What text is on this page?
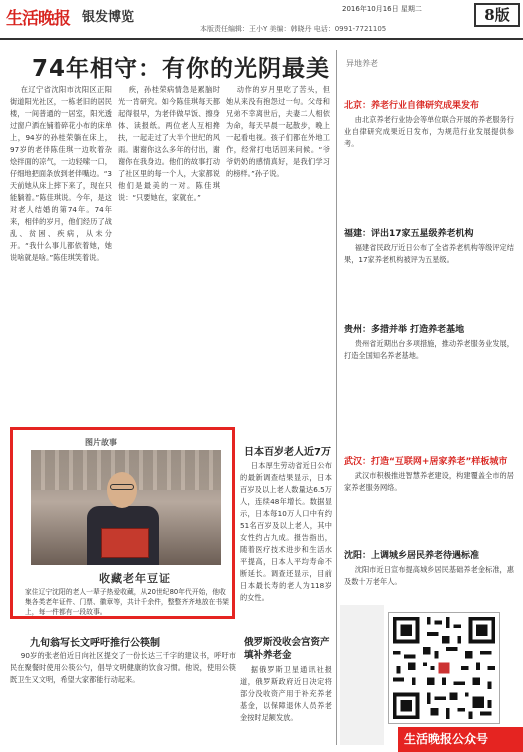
生活晚报 银发博览
2016年10月16日 星期二
本版责任编辑：王小Y 美编：韩晓丹 电话：0991-7721105
8版
74年相守：有你的光阴最美

在辽宁省沈阳市沈阳区正阳街道阳光社区，一栋老旧的居民楼，一间普通的一居室，阳光透过窗户洒在铺着碎花小布的床单上，94岁的孙桂荣躺在床上，97岁的老伴陈佳琪一边吹着杂烩拌面的凉气，一边轻嗦一口，仔细地把面条放到老伴嘴边。“3天前她从床上摔下来了，现在只能躺着。”陈佳琪说。今年，是这对老人结婚的第74年。74年来，相伴的岁月，他们经历了战乱、贫困、疾病，从未分开。“我什么事儿都依着她，她说啥就是啥。”陈佳琪笑着说。

疾，孙桂荣病情急是累脑时光一肯研究。如今陈佳琪每天都起得很早，为老伴做早饭、擦身体、读报纸。两位老人互相搀扶，一起走过了大半个世纪的风雨。谢谢你这么多年的付出，谢谢你在我身边。他们的故事打动了社区里的每一个人，大家都说他们是最美的一对。陈佳琪说：“只要她在，家就在。”

动作的岁月里吃了苦头，但她从来没有抱怨过一句。父母和兄弟不幸离世后，夫妻二人相依为命，每天早晨一起散步，晚上一起看电视。孩子们都在外地工作，经常打电话回来问候。“爷爷奶奶的感情真好，是我们学习的榜样。”孙子说。

图片故事
收藏老年豆证
家住辽宁沈阳的老人一辈子热爱收藏，从20世纪80年代开始，他收集各类老年证件、门票、徽章等，共计千余件，整整齐齐地放在书架上，每一件都有一段故事。
日本百岁老人近7万

日本厚生劳动省近日公布的最新调查结果显示，日本百岁及以上老人数量达6.5万人，连续48年增长。数据显示，日本每10万人口中有约51名百岁及以上老人，其中女性约占九成。报告指出，随着医疗技术进步和生活水平提高，日本人平均寿命不断延长。调查还显示，目前日本最长寿的老人为118岁的女性。

九旬翁写长文呼吁推行公筷制

90岁的张老伯近日向社区提交了一份长达三千字的建议书，呼吁市民在聚餐时使用公筷公勺，倡导文明健康的饮食习惯。他说，使用公筷既卫生又文明，希望大家都能行动起来。

俄罗斯没收会宫资产填补养老金

据俄罗斯卫星通讯社报道，俄罗斯政府近日决定将部分没收资产用于补充养老基金，以保障退休人员养老金按时足额发放。

异地养老
北京：养老行业自律研究成果发布

由北京养老行业协会等单位联合开展的养老服务行业自律研究成果近日发布，为规范行业发展提供参考。

福建：评出17家五星级养老机构

福建省民政厅近日公布了全省养老机构等级评定结果，17家养老机构被评为五星级。

贵州：多措并举 打造养老基地

贵州省近期出台多项措施，推动养老服务业发展，打造全国知名养老基地。

武汉：打造“互联网+居家养老”样板城市

武汉市积极推进智慧养老建设，构建覆盖全市的居家养老服务网络。

沈阳：上调城乡居民养老待遇标准

沈阳市近日宣布提高城乡居民基础养老金标准，惠及数十万老年人。

生活晚报公众号
